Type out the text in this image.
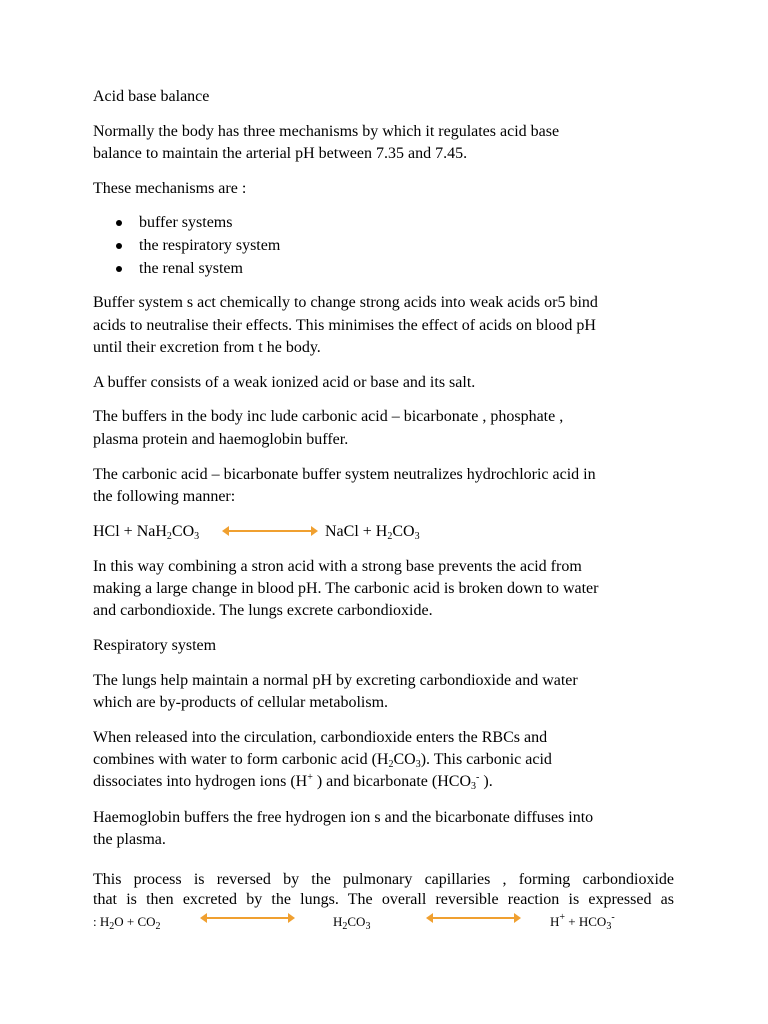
Acid base balance
Normally the body has three mechanisms by which it regulates acid base
balance to maintain the arterial pH between 7.35 and 7.45.
These mechanisms are :
buffer systems
the respiratory system
the renal system
Buffer system s act chemically to change strong acids into weak acids or5 bind
acids to neutralise their effects. This minimises the effect of acids on blood pH
until their excretion from t he body.
A buffer consists of a weak ionized acid or base and its salt.
The buffers in the body inc lude carbonic acid – bicarbonate , phosphate ,
plasma protein and haemoglobin buffer.
The carbonic acid – bicarbonate buffer system neutralizes hydrochloric acid in
the following manner:
HCl + $NaH_2CO_3$	NaCl + $H_2CO_3$
In this way combining a stron acid with a strong base prevents the acid from
making a large change in blood pH. The carbonic acid is broken down to water
and carbondioxide. The lungs excrete carbondioxide.
Respiratory system
The lungs help maintain a normal pH by excreting carbondioxide and water
which are by-products of cellular metabolism.
When released into the circulation, carbondioxide enters the RBCs and
combines with water to form carbonic acid $(H_2CO_3)$. This carbonic acid
dissociates into hydrogen ions (H+ ) and bicarbonate ($HCO_3^-$ ).
Haemoglobin buffers the free hydrogen ion s and the bicarbonate diffuses into
the plasma.
This process is reversed by the pulmonary capillaries , forming carbondioxide
that is then excreted by the lungs. The overall reversible reaction is expressed as
: $H_2O + CO_2$	$H_2CO_3$	$H^+ + HCO_3^-$
